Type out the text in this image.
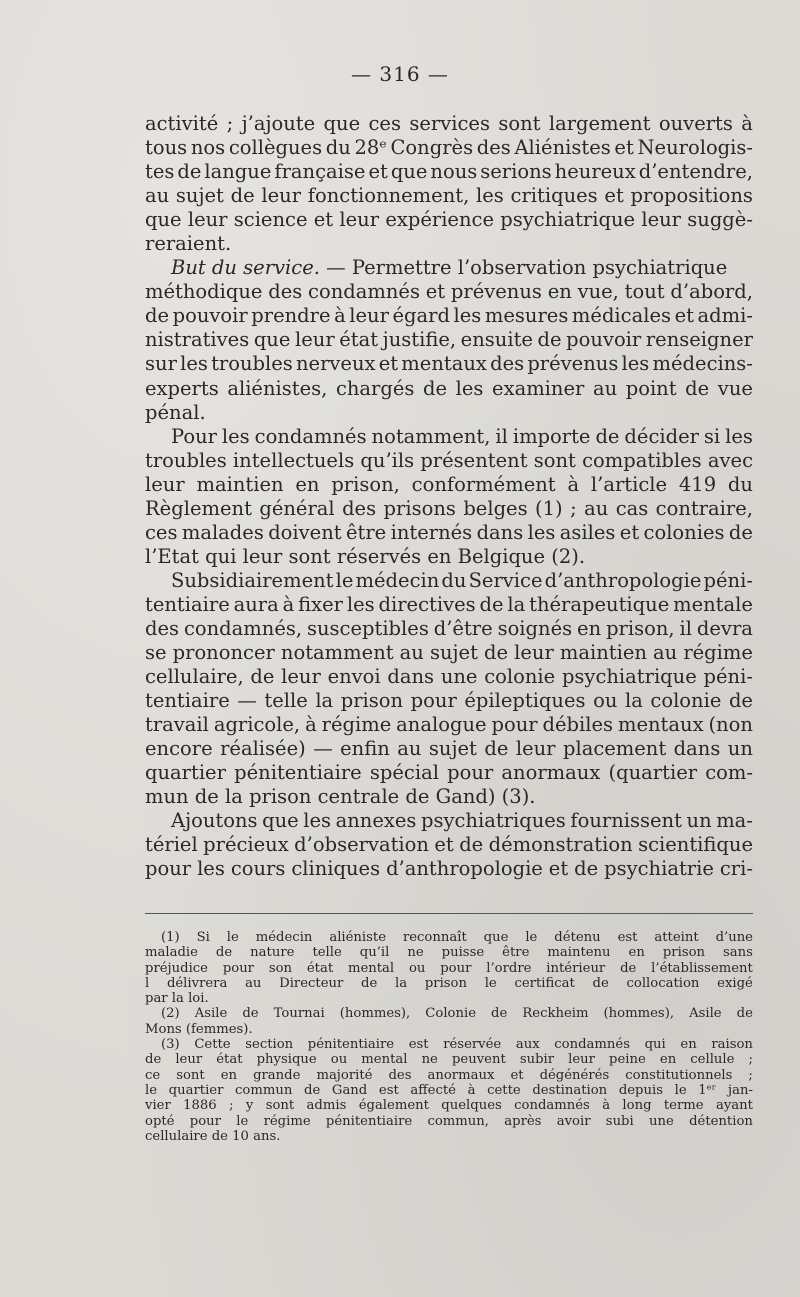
— 316 —
activité ; j’ajoute que ces services sont largement ouverts à
tous nos collègues du 28ᵉ Congrès des Aliénistes et Neurologis-
tes de langue française et que nous serions heureux d’entendre,
au sujet de leur fonctionnement, les critiques et propositions
que leur science et leur expérience psychiatrique leur suggè-
reraient.
But du service. — Permettre l’observation psychiatrique
méthodique des condamnés et prévenus en vue, tout d’abord,
de pouvoir prendre à leur égard les mesures médicales et admi-
nistratives que leur état justifie, ensuite de pouvoir renseigner
sur les troubles nerveux et mentaux des prévenus les médecins-
experts aliénistes, chargés de les examiner au point de vue
pénal.
Pour les condamnés notamment, il importe de décider si les
troubles intellectuels qu’ils présentent sont compatibles avec
leur maintien en prison, conformément à l’article 419 du
Règlement général des prisons belges (1) ; au cas contraire,
ces malades doivent être internés dans les asiles et colonies de
l’Etat qui leur sont réservés en Belgique (2).
Subsidiairement le médecin du Service d’anthropologie péni-
tentiaire aura à fixer les directives de la thérapeutique mentale
des condamnés, susceptibles d’être soignés en prison, il devra
se prononcer notamment au sujet de leur maintien au régime
cellulaire, de leur envoi dans une colonie psychiatrique péni-
tentiaire — telle la prison pour épileptiques ou la colonie de
travail agricole, à régime analogue pour débiles mentaux (non
encore réalisée) — enfin au sujet de leur placement dans un
quartier pénitentiaire spécial pour anormaux (quartier com-
mun de la prison centrale de Gand) (3).
Ajoutons que les annexes psychiatriques fournissent un ma-
tériel précieux d’observation et de démonstration scientifique
pour les cours cliniques d’anthropologie et de psychiatrie cri-
(1) Si le médecin aliéniste reconnaît que le détenu est atteint d’une
maladie de nature telle qu’il ne puisse être maintenu en prison sans
préjudice pour son état mental ou pour l’ordre intérieur de l’établissement
l délivrera au Directeur de la prison le certificat de collocation exigé
par la loi.
(2) Asile de Tournai (hommes), Colonie de Reckheim (hommes), Asile de
Mons (femmes).
(3) Cette section pénitentiaire est réservée aux condamnés qui en raison
de leur état physique ou mental ne peuvent subir leur peine en cellule ;
ce sont en grande majorité des anormaux et dégénérés constitutionnels ;
le quartier commun de Gand est affecté à cette destination depuis le 1ᵉʳ jan-
vier 1886 ; y sont admis également quelques condamnés à long terme ayant
opté pour le régime pénitentiaire commun, après avoir subi une détention
cellulaire de 10 ans.
